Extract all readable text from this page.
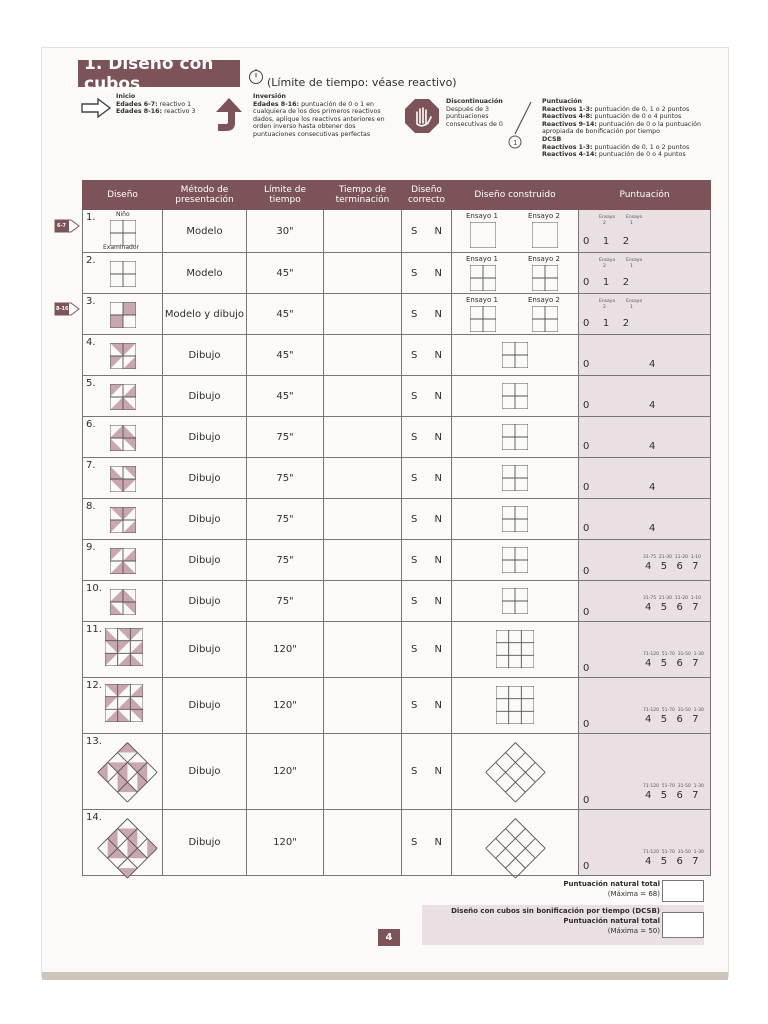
1. Diseño con cubos	(Límite de tiempo: véase reactivo)
Inicio
Edades 6-7: reactivo 1
Edades 8-16: reactivo 3
Inversión
Edades 8-16: puntuación de 0 o 1 en cualquiera de los dos primeros reactivos dados, aplique los reactivos anteriores en orden inverso hasta obtener dos puntuaciones consecutivas perfectas
Discontinuación
Después de 3 puntuaciones consecutivas de 0
1
Puntuación
Reactivos 1-3: puntuación de 0, 1 o 2 puntos
Reactivos 4-8: puntuación de 0 o 4 puntos
Reactivos 9-14: puntuación de 0 o la puntuación apropiada de bonificación por tiempo

DCSB
Reactivos 1-3: puntuación de 0, 1 o 2 puntos
Reactivos 4-14: puntuación de 0 o 4 puntos
6-7
8-16
Diseño	Método de presentación	Límite de tiempo	Tiempo de terminación	Diseño correcto	Diseño construido	Puntuación

1. Niño
Examinador	Modelo	30"		S N	Ensayo 1 Ensayo 2	Ensayo
2
Ensayo
1
0   1   2

2.	Modelo	45"		S N	Ensayo 1 Ensayo 2	Ensayo
2
Ensayo
1
0   1   2

3.	Modelo y dibujo	45"		S N	Ensayo 1 Ensayo 2	Ensayo
2
Ensayo
1
0   1   2

4.	Dibujo	45"		S N		0 4

5.	Dibujo	45"		S N		0 4

6.	Dibujo	75"		S N		0 4

7.	Dibujo	75"		S N		0 4

8.	Dibujo	75"		S N		0 4

9.	Dibujo	75"		S N		0
31-75  21-30  11-20  1-10
4  5  6  7

10.	Dibujo	75"		S N		0
31-75  21-30  11-20  1-10
4  5  6  7

11.	Dibujo	120"		S N		0
71-120  51-70  31-50  1-30
4  5  6  7

12.	Dibujo	120"		S N		0
71-120  51-70  31-50  1-30
4  5  6  7

13.	Dibujo	120"		S N		0
71-120  51-70  31-50  1-30
4  5  6  7

14.	Dibujo	120"		S N		0
71-120  51-70  31-50  1-30
4  5  6  7
Puntuación natural total
(Máxima = 68)
Diseño con cubos sin bonificación por tiempo (DCSB)
Puntuación natural total
(Máxima = 50)
4
